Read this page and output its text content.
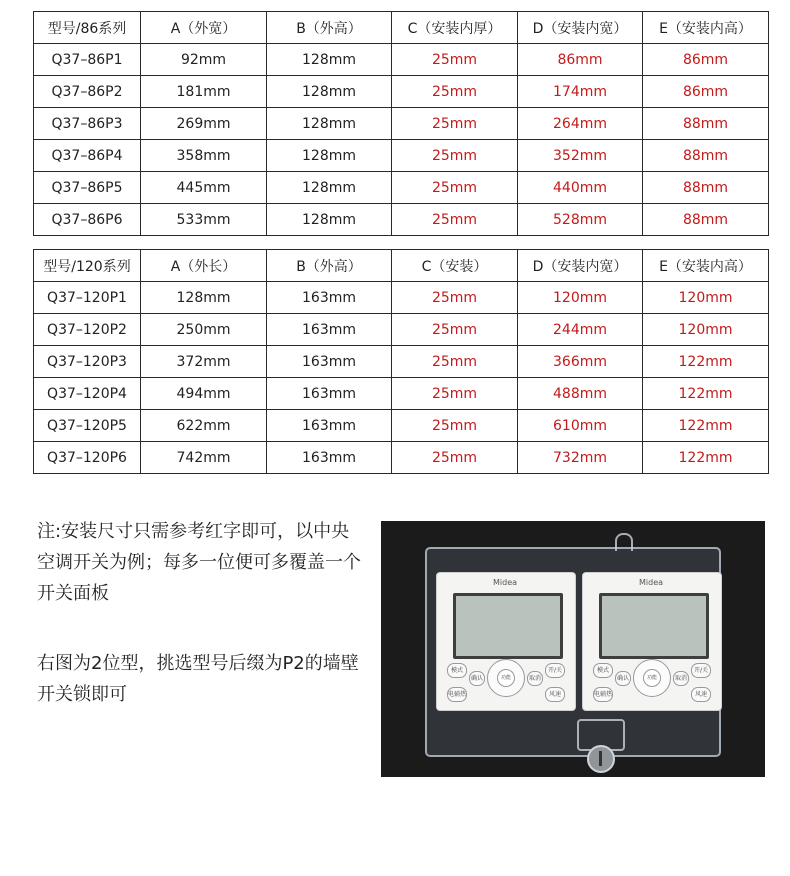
型号/86系列	A（外宽）	B（外高）	C（安装内厚）	D（安装内宽）	E（安装内高）
Q37–86P1	92mm	128mm	25mm	86mm	86mm
Q37–86P2	181mm	128mm	25mm	174mm	86mm
Q37–86P3	269mm	128mm	25mm	264mm	88mm
Q37–86P4	358mm	128mm	25mm	352mm	88mm
Q37–86P5	445mm	128mm	25mm	440mm	88mm
Q37–86P6	533mm	128mm	25mm	528mm	88mm
型号/120系列	A（外长）	B（外高）	C（安装）	D（安装内宽）	E（安装内高）
Q37–120P1	128mm	163mm	25mm	120mm	120mm
Q37–120P2	250mm	163mm	25mm	244mm	120mm
Q37–120P3	372mm	163mm	25mm	366mm	122mm
Q37–120P4	494mm	163mm	25mm	488mm	122mm
Q37–120P5	622mm	163mm	25mm	610mm	122mm
Q37–120P6	742mm	163mm	25mm	732mm	122mm

注:安装尺寸只需参考红字即可，以中央空调开关为例；每多一位便可多覆盖一个开关面板

右图为2位型，挑选型号后缀为P2的墙壁开关锁即可

Midea
模式	开/关
功能
确认	取消
电辅热	风速
Midea
模式	开/关
功能
确认	取消
电辅热	风速
